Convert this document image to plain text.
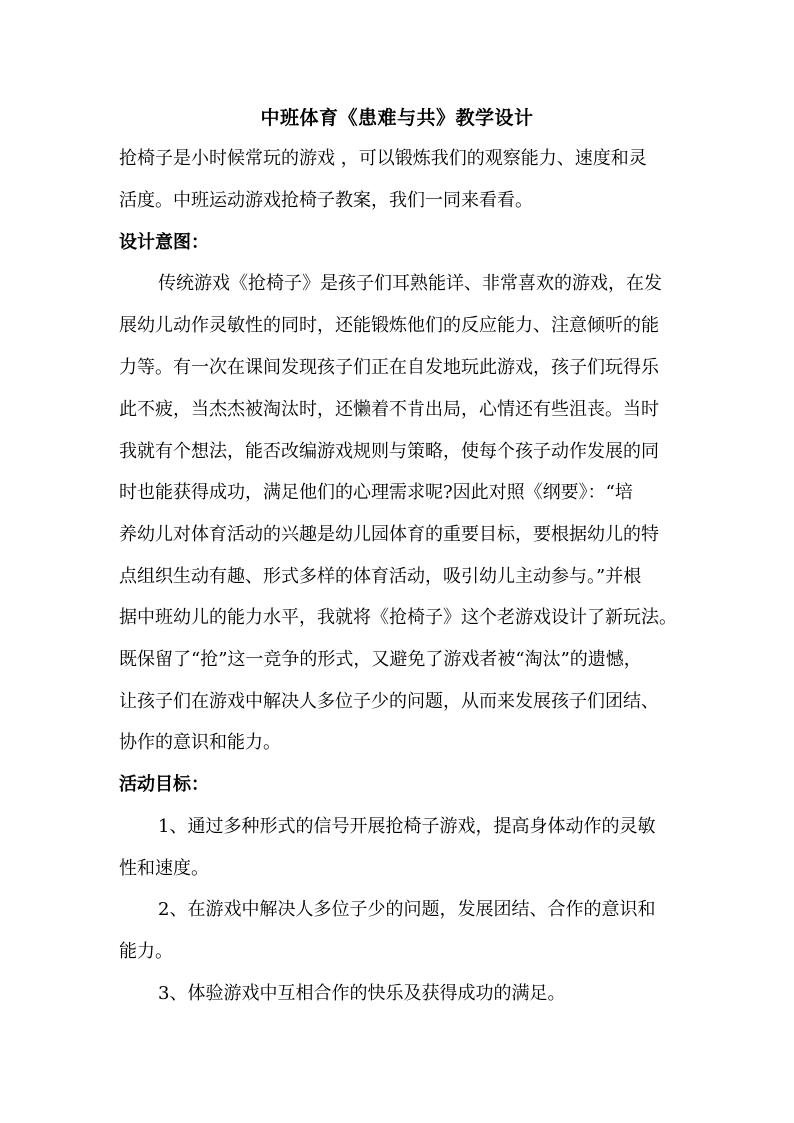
中班体育《患难与共》教学设计
抢椅子是小时候常玩的游戏 ，可以锻炼我们的观察能力、速度和灵
活度。中班运动游戏抢椅子教案，我们一同来看看。
设计意图：
传统游戏《抢椅子》是孩子们耳熟能详、非常喜欢的游戏，在发
展幼儿动作灵敏性的同时，还能锻炼他们的反应能力、注意倾听的能
力等。有一次在课间发现孩子们正在自发地玩此游戏，孩子们玩得乐
此不疲，当杰杰被淘汰时，还懒着不肯出局，心情还有些沮丧。当时
我就有个想法，能否改编游戏规则与策略，使每个孩子动作发展的同
时也能获得成功，满足他们的心理需求呢?因此对照《纲要》：“培
养幼儿对体育活动的兴趣是幼儿园体育的重要目标，要根据幼儿的特
点组织生动有趣、形式多样的体育活动，吸引幼儿主动参与。”并根
据中班幼儿的能力水平，我就将《抢椅子》这个老游戏设计了新玩法。
既保留了“抢”这一竞争的形式，又避免了游戏者被“淘汰”的遗憾，
让孩子们在游戏中解决人多位子少的问题，从而来发展孩子们团结、
协作的意识和能力。
活动目标：
1、通过多种形式的信号开展抢椅子游戏，提高身体动作的灵敏
性和速度。
2、在游戏中解决人多位子少的问题，发展团结、合作的意识和
能力。
3、体验游戏中互相合作的快乐及获得成功的满足。
